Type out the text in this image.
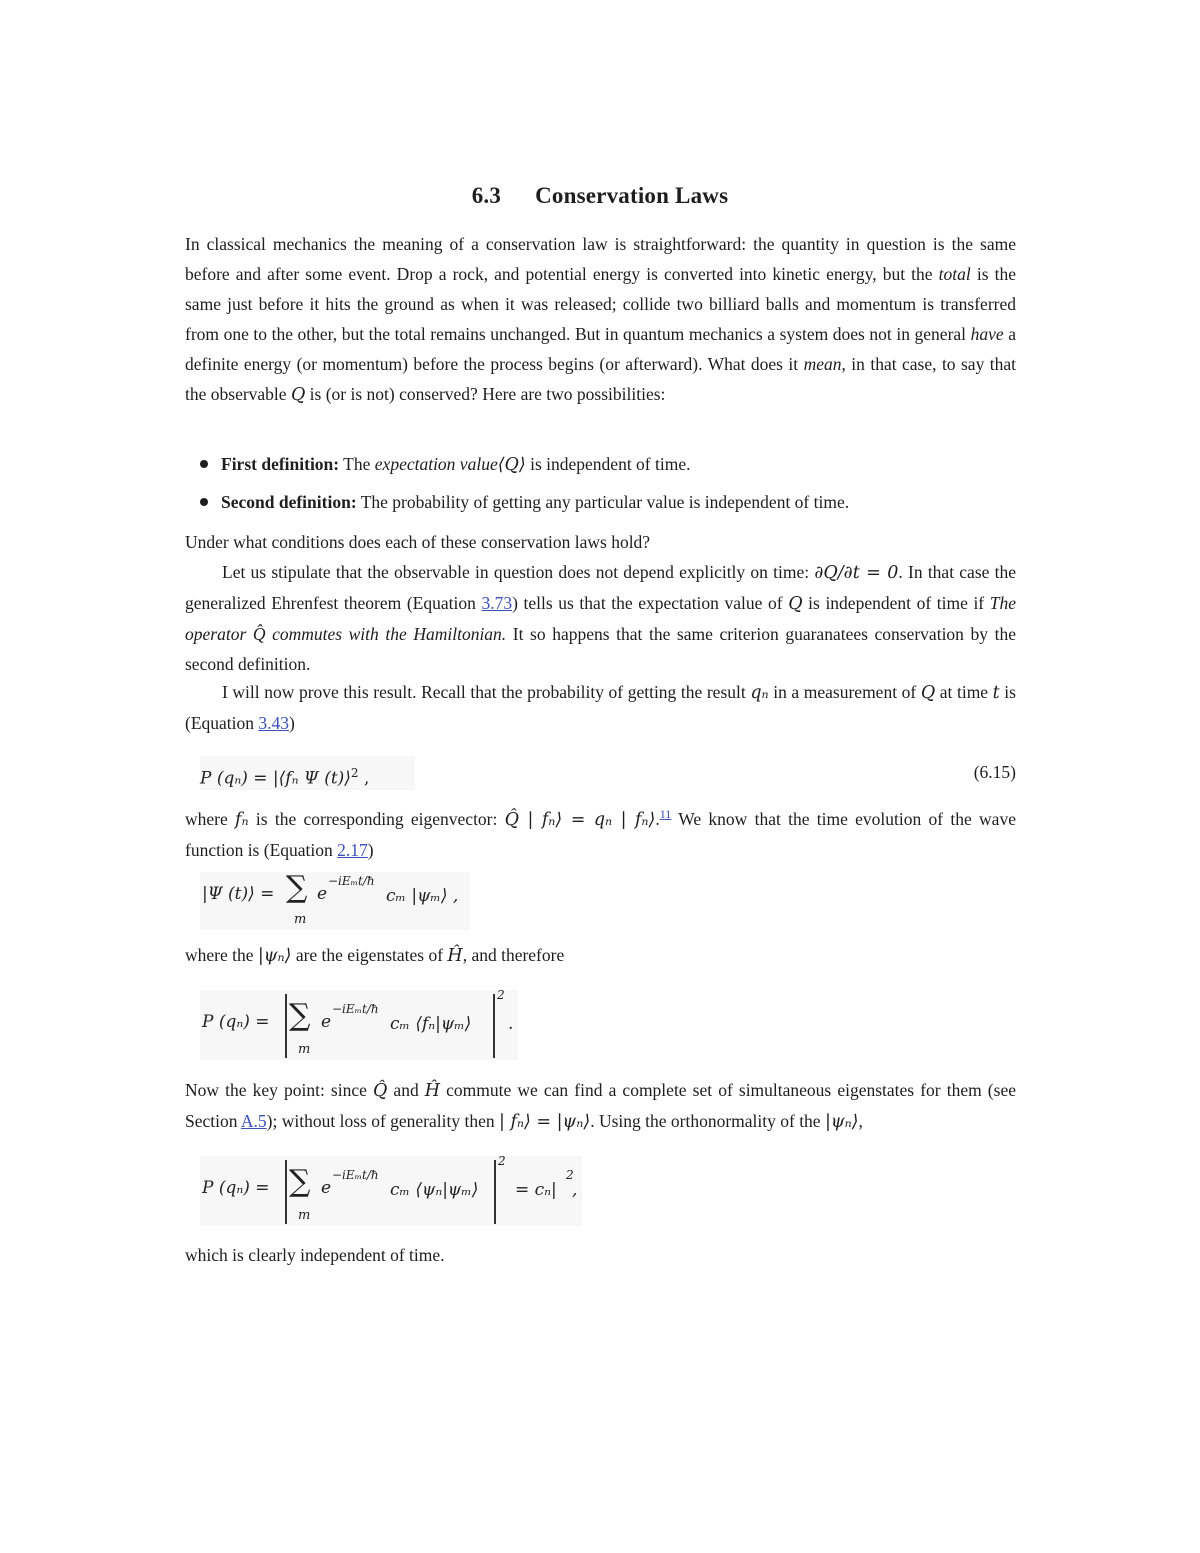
6.3 Conservation Laws
In classical mechanics the meaning of a conservation law is straightforward: the quantity in question is the same before and after some event. Drop a rock, and potential energy is converted into kinetic energy, but the total is the same just before it hits the ground as when it was released; collide two billiard balls and momentum is transferred from one to the other, but the total remains unchanged. But in quantum mechanics a system does not in general have a definite energy (or momentum) before the process begins (or afterward). What does it mean, in that case, to say that the observable Q is (or is not) conserved? Here are two possibilities:
First definition: The expectation value⟨Q⟩ is independent of time.
Second definition: The probability of getting any particular value is independent of time.
Under what conditions does each of these conservation laws hold?
Let us stipulate that the observable in question does not depend explicitly on time: ∂Q/∂t = 0. In that case the generalized Ehrenfest theorem (Equation 3.73) tells us that the expectation value of Q is independent of time if The operator Q̂ commutes with the Hamiltonian. It so happens that the same criterion guaranatees conservation by the second definition.
I will now prove this result. Recall that the probability of getting the result qₙ in a measurement of Q at time t is (Equation 3.43)
P (qₙ) = |⟨fₙ Ψ (t)⟩$^2$ ,	(6.15)
where fₙ is the corresponding eigenvector: Q̂ | fₙ⟩ = qₙ | fₙ⟩.$^{11}$ We know that the time evolution of the wave function is (Equation 2.17)
|Ψ (t)⟩ = ∑
m
e
−iEₘt/ħ
cₘ |ψₘ⟩ ,
where the |ψₙ⟩ are the eigenstates of Ĥ, and therefore
P (qₙ) = ∑
m
e
−iEₘt/ħ
cₘ ⟨fₙ|ψₘ⟩
2
.
Now the key point: since Q̂ and Ĥ commute we can find a complete set of simultaneous eigenstates for them (see Section A.5); without loss of generality then | fₙ⟩ = |ψₙ⟩. Using the orthonormality of the |ψₙ⟩,
P (qₙ) = ∑
m
e
−iEₘt/ħ
cₘ ⟨ψₙ|ψₘ⟩
2
= cₙ|
2
,
which is clearly independent of time.
